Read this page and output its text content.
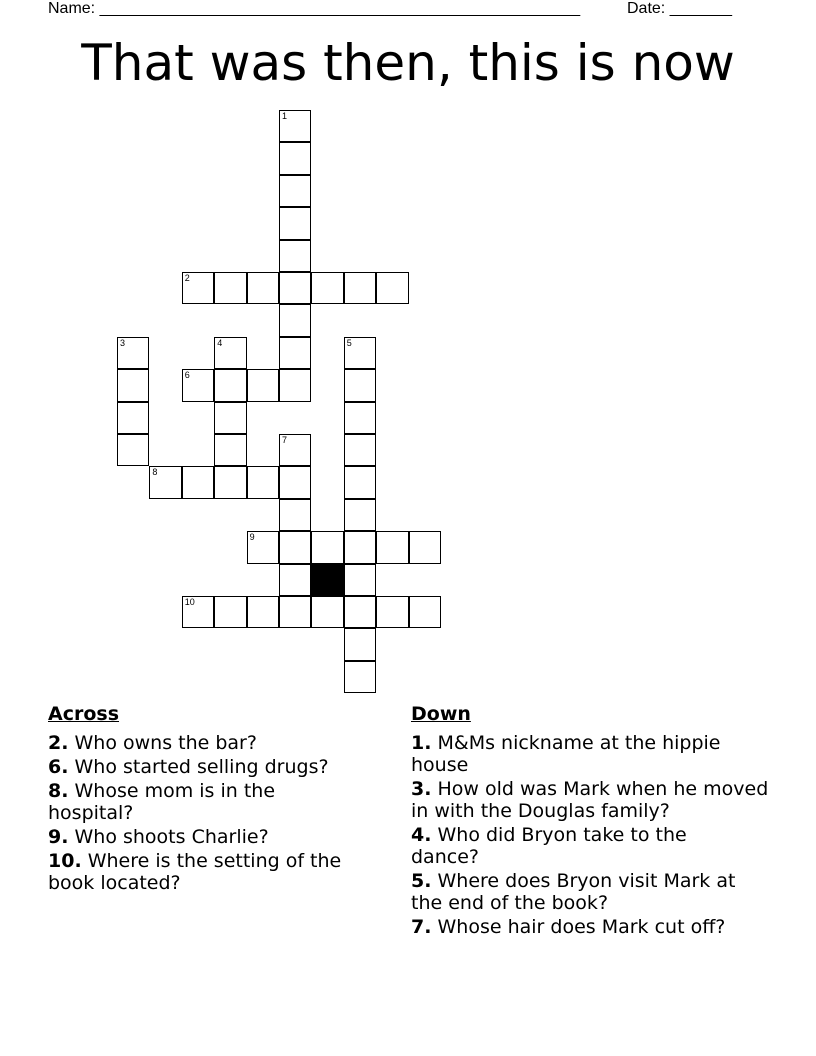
Name: ______________________________________________________	Date: _______
That was then, this is now
1
2
3	4	5
6
7
8
9
10
Across
2. Who owns the bar?
6. Who started selling drugs?
8. Whose mom is in the hospital?
9. Who shoots Charlie?
10. Where is the setting of the book located?
Down
1. M&Ms nickname at the hippie house
3. How old was Mark when he moved in with the Douglas family?
4. Who did Bryon take to the dance?
5. Where does Bryon visit Mark at the end of the book?
7. Whose hair does Mark cut off?
